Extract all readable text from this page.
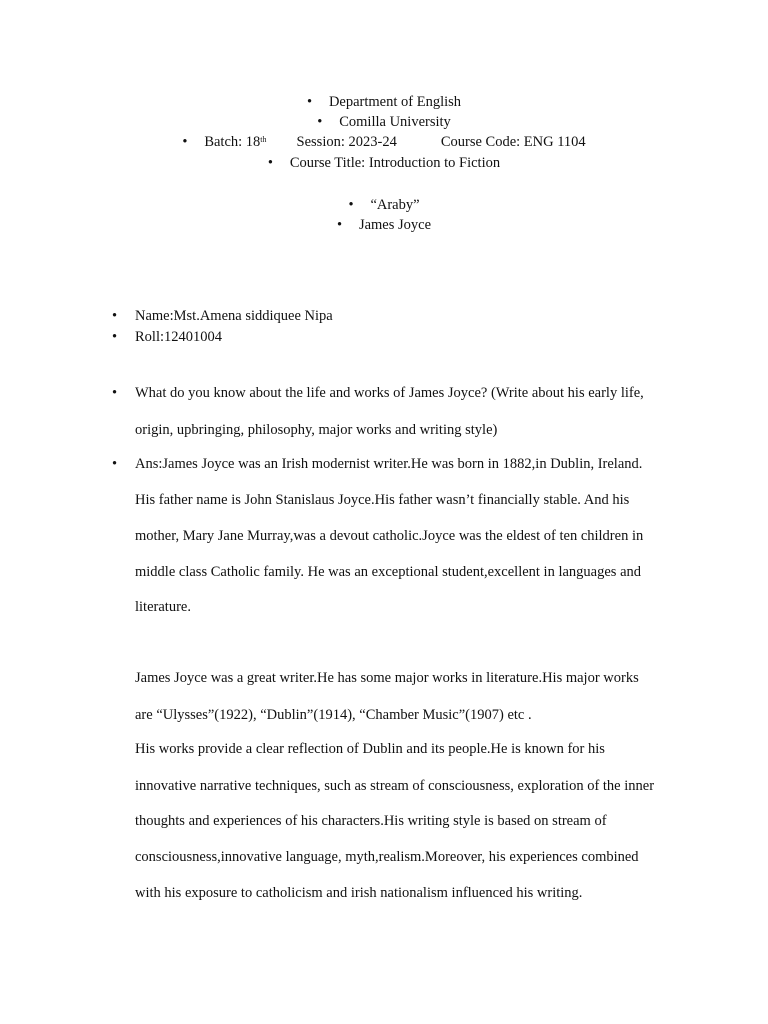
• Department of English
• Comilla University
• Batch: 18th Session: 2023-24	Course Code: ENG 1104
• Course Title: Introduction to Fiction
• “Araby”
• James Joyce
• Name:Mst.Amena siddiquee Nipa
• Roll:12401004
• What do you know about the life and works of James Joyce? (Write about his early life,
origin, upbringing, philosophy, major works and writing style)
• Ans:James Joyce was an Irish modernist writer.He was born in 1882,in Dublin, Ireland.
His father name is John Stanislaus Joyce.His father wasn’t financially stable. And his
mother, Mary Jane Murray,was a devout catholic.Joyce was the eldest of ten children in
middle class Catholic family. He was an exceptional student,excellent in languages and
literature.
James Joyce was a great writer.He has some major works in literature.His major works
are “Ulysses”(1922), “Dublin”(1914), “Chamber Music”(1907) etc .
His works provide a clear reflection of Dublin and its people.He is known for his
innovative narrative techniques, such as stream of consciousness, exploration of the inner
thoughts and experiences of his characters.His writing style is based on stream of
consciousness,innovative language, myth,realism.Moreover, his experiences combined
with his exposure to catholicism and irish nationalism influenced his writing.
